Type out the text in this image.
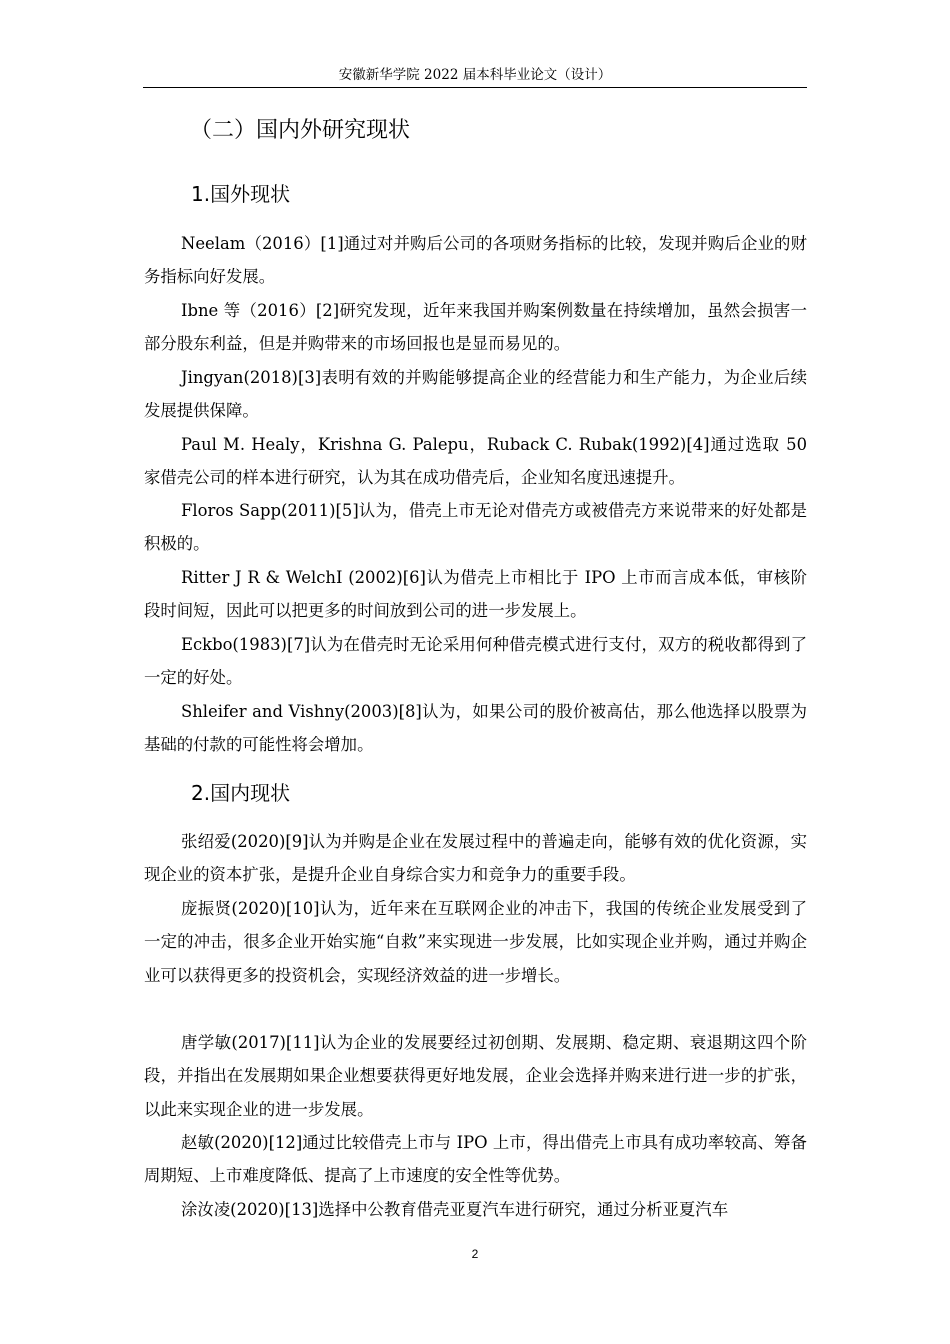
安徽新华学院 2022 届本科毕业论文（设计）
（二）国内外研究现状
1.国外现状

Neelam（2016）[1]通过对并购后公司的各项财务指标的比较，发现并购后企业的财务指标向好发展。

Ibne 等（2016）[2]研究发现，近年来我国并购案例数量在持续增加，虽然会损害一部分股东利益，但是并购带来的市场回报也是显而易见的。

Jingyan(2018)[3]表明有效的并购能够提高企业的经营能力和生产能力，为企业后续发展提供保障。

Paul M. Healy，Krishna G. Palepu，Ruback C. Rubak(1992)[4]通过选取 50 家借壳公司的样本进行研究，认为其在成功借壳后，企业知名度迅速提升。

Floros Sapp(2011)[5]认为，借壳上市无论对借壳方或被借壳方来说带来的好处都是积极的。

Ritter J R & WelchI (2002)[6]认为借壳上市相比于 IPO 上市而言成本低，审核阶段时间短，因此可以把更多的时间放到公司的进一步发展上。

Eckbo(1983)[7]认为在借壳时无论采用何种借壳模式进行支付，双方的税收都得到了一定的好处。

Shleifer and Vishny(2003)[8]认为，如果公司的股价被高估，那么他选择以股票为基础的付款的可能性将会增加。

2.国内现状

张绍爱(2020)[9]认为并购是企业在发展过程中的普遍走向，能够有效的优化资源，实现企业的资本扩张，是提升企业自身综合实力和竞争力的重要手段。

庞振贤(2020)[10]认为，近年来在互联网企业的冲击下，我国的传统企业发展受到了一定的冲击，很多企业开始实施“自救”来实现进一步发展，比如实现企业并购，通过并购企业可以获得更多的投资机会，实现经济效益的进一步增长。

唐学敏(2017)[11]认为企业的发展要经过初创期、发展期、稳定期、衰退期这四个阶段，并指出在发展期如果企业想要获得更好地发展，企业会选择并购来进行进一步的扩张，以此来实现企业的进一步发展。

赵敏(2020)[12]通过比较借壳上市与 IPO 上市，得出借壳上市具有成功率较高、筹备周期短、上市难度降低、提高了上市速度的安全性等优势。

涂汝凌(2020)[13]选择中公教育借壳亚夏汽车进行研究，通过分析亚夏汽车

2
